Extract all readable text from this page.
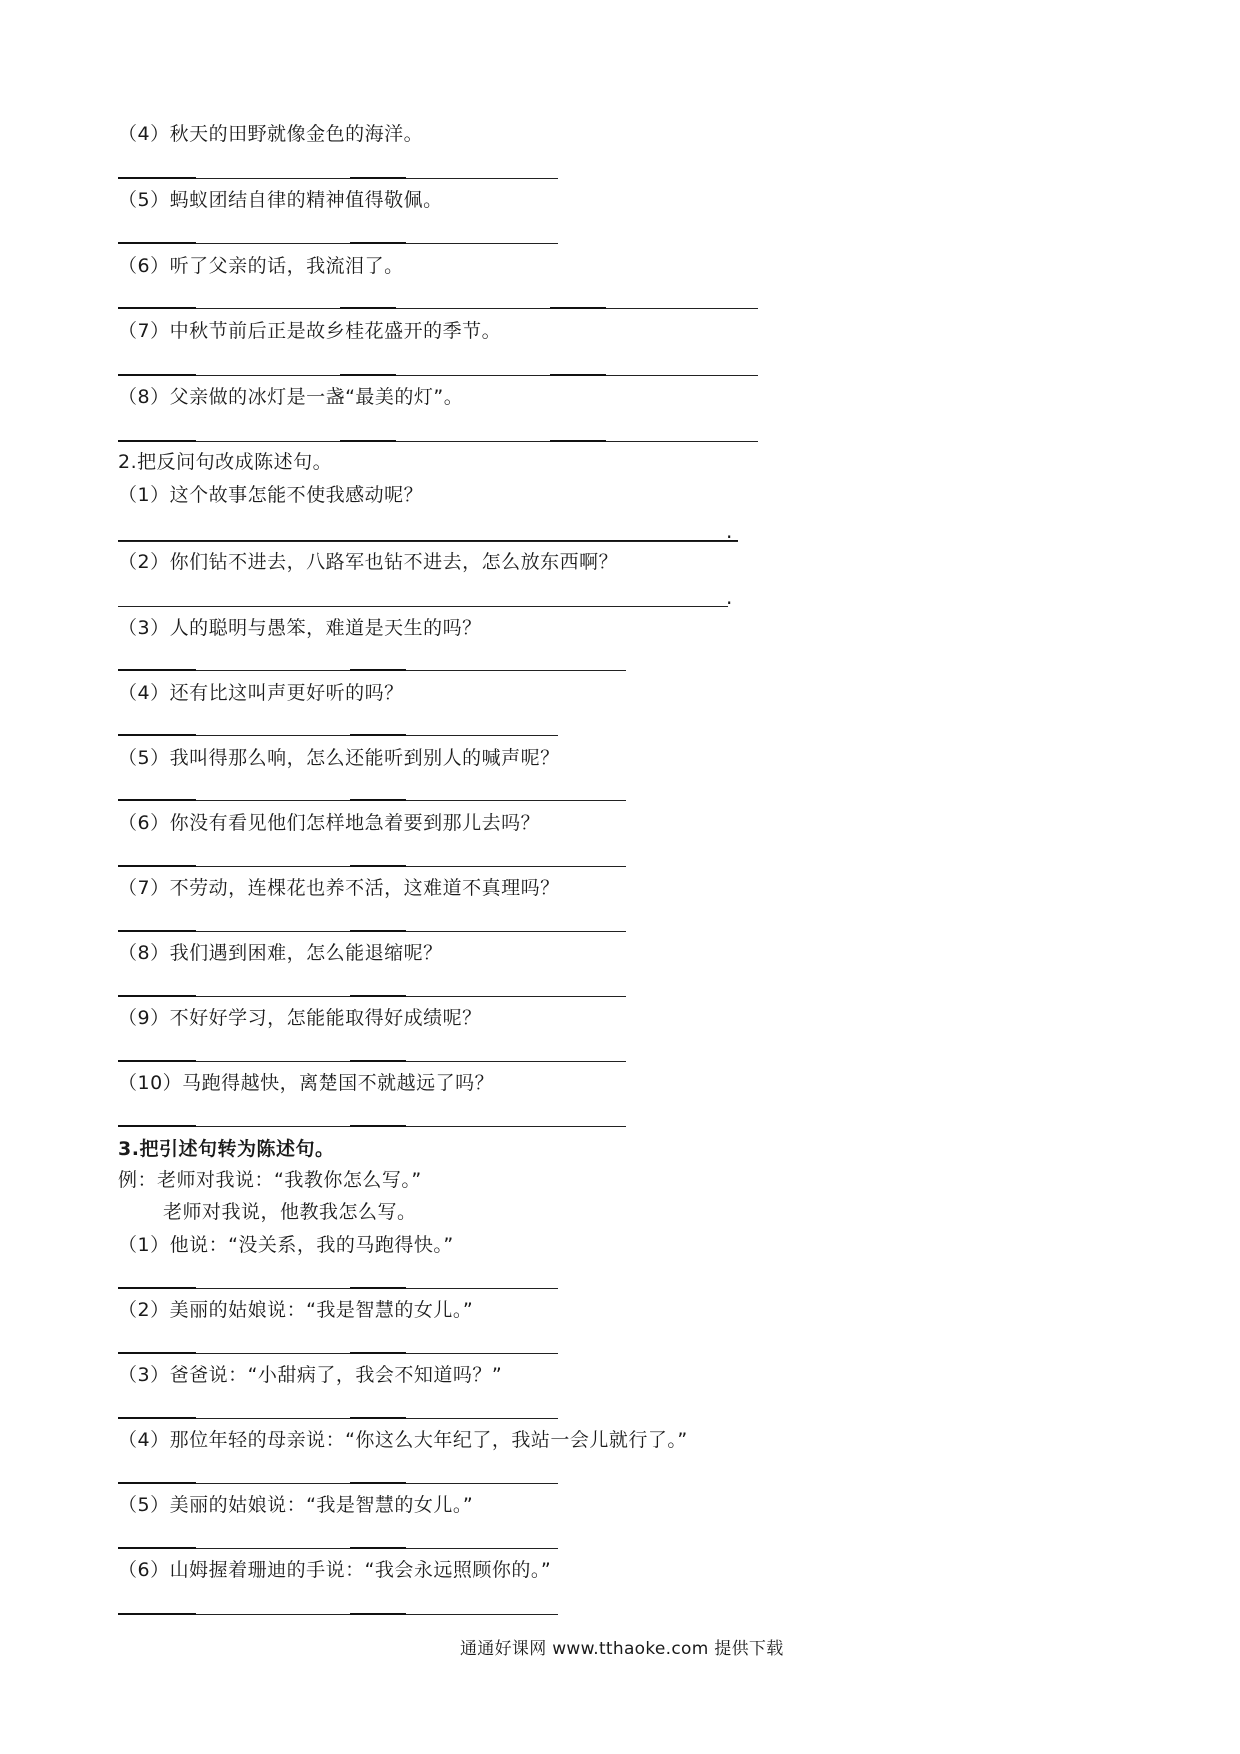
（4）秋天的田野就像金色的海洋。
（5）蚂蚁团结自律的精神值得敬佩。
（6）听了父亲的话，我流泪了。
（7）中秋节前后正是故乡桂花盛开的季节。
（8）父亲做的冰灯是一盏“最美的灯”。
2.把反问句改成陈述句。
（1）这个故事怎能不使我感动呢？
.
（2）你们钻不进去，八路军也钻不进去，怎么放东西啊？
.
（3）人的聪明与愚笨，难道是天生的吗？
（4）还有比这叫声更好听的吗？
（5）我叫得那么响，怎么还能听到别人的喊声呢？
（6）你没有看见他们怎样地急着要到那儿去吗？
（7）不劳动，连棵花也养不活，这难道不真理吗？
（8）我们遇到困难，怎么能退缩呢？
（9）不好好学习，怎能能取得好成绩呢？
（10）马跑得越快，离楚国不就越远了吗？
3.把引述句转为陈述句。
例：老师对我说：“我教你怎么写。”
老师对我说，他教我怎么写。
（1）他说：“没关系，我的马跑得快。”
（2）美丽的姑娘说：“我是智慧的女儿。”
（3）爸爸说：“小甜病了，我会不知道吗？”
（4）那位年轻的母亲说：“你这么大年纪了，我站一会儿就行了。”
（5）美丽的姑娘说：“我是智慧的女儿。”
（6）山姆握着珊迪的手说：“我会永远照顾你的。”
通通好课网 www.tthaoke.com 提供下载
